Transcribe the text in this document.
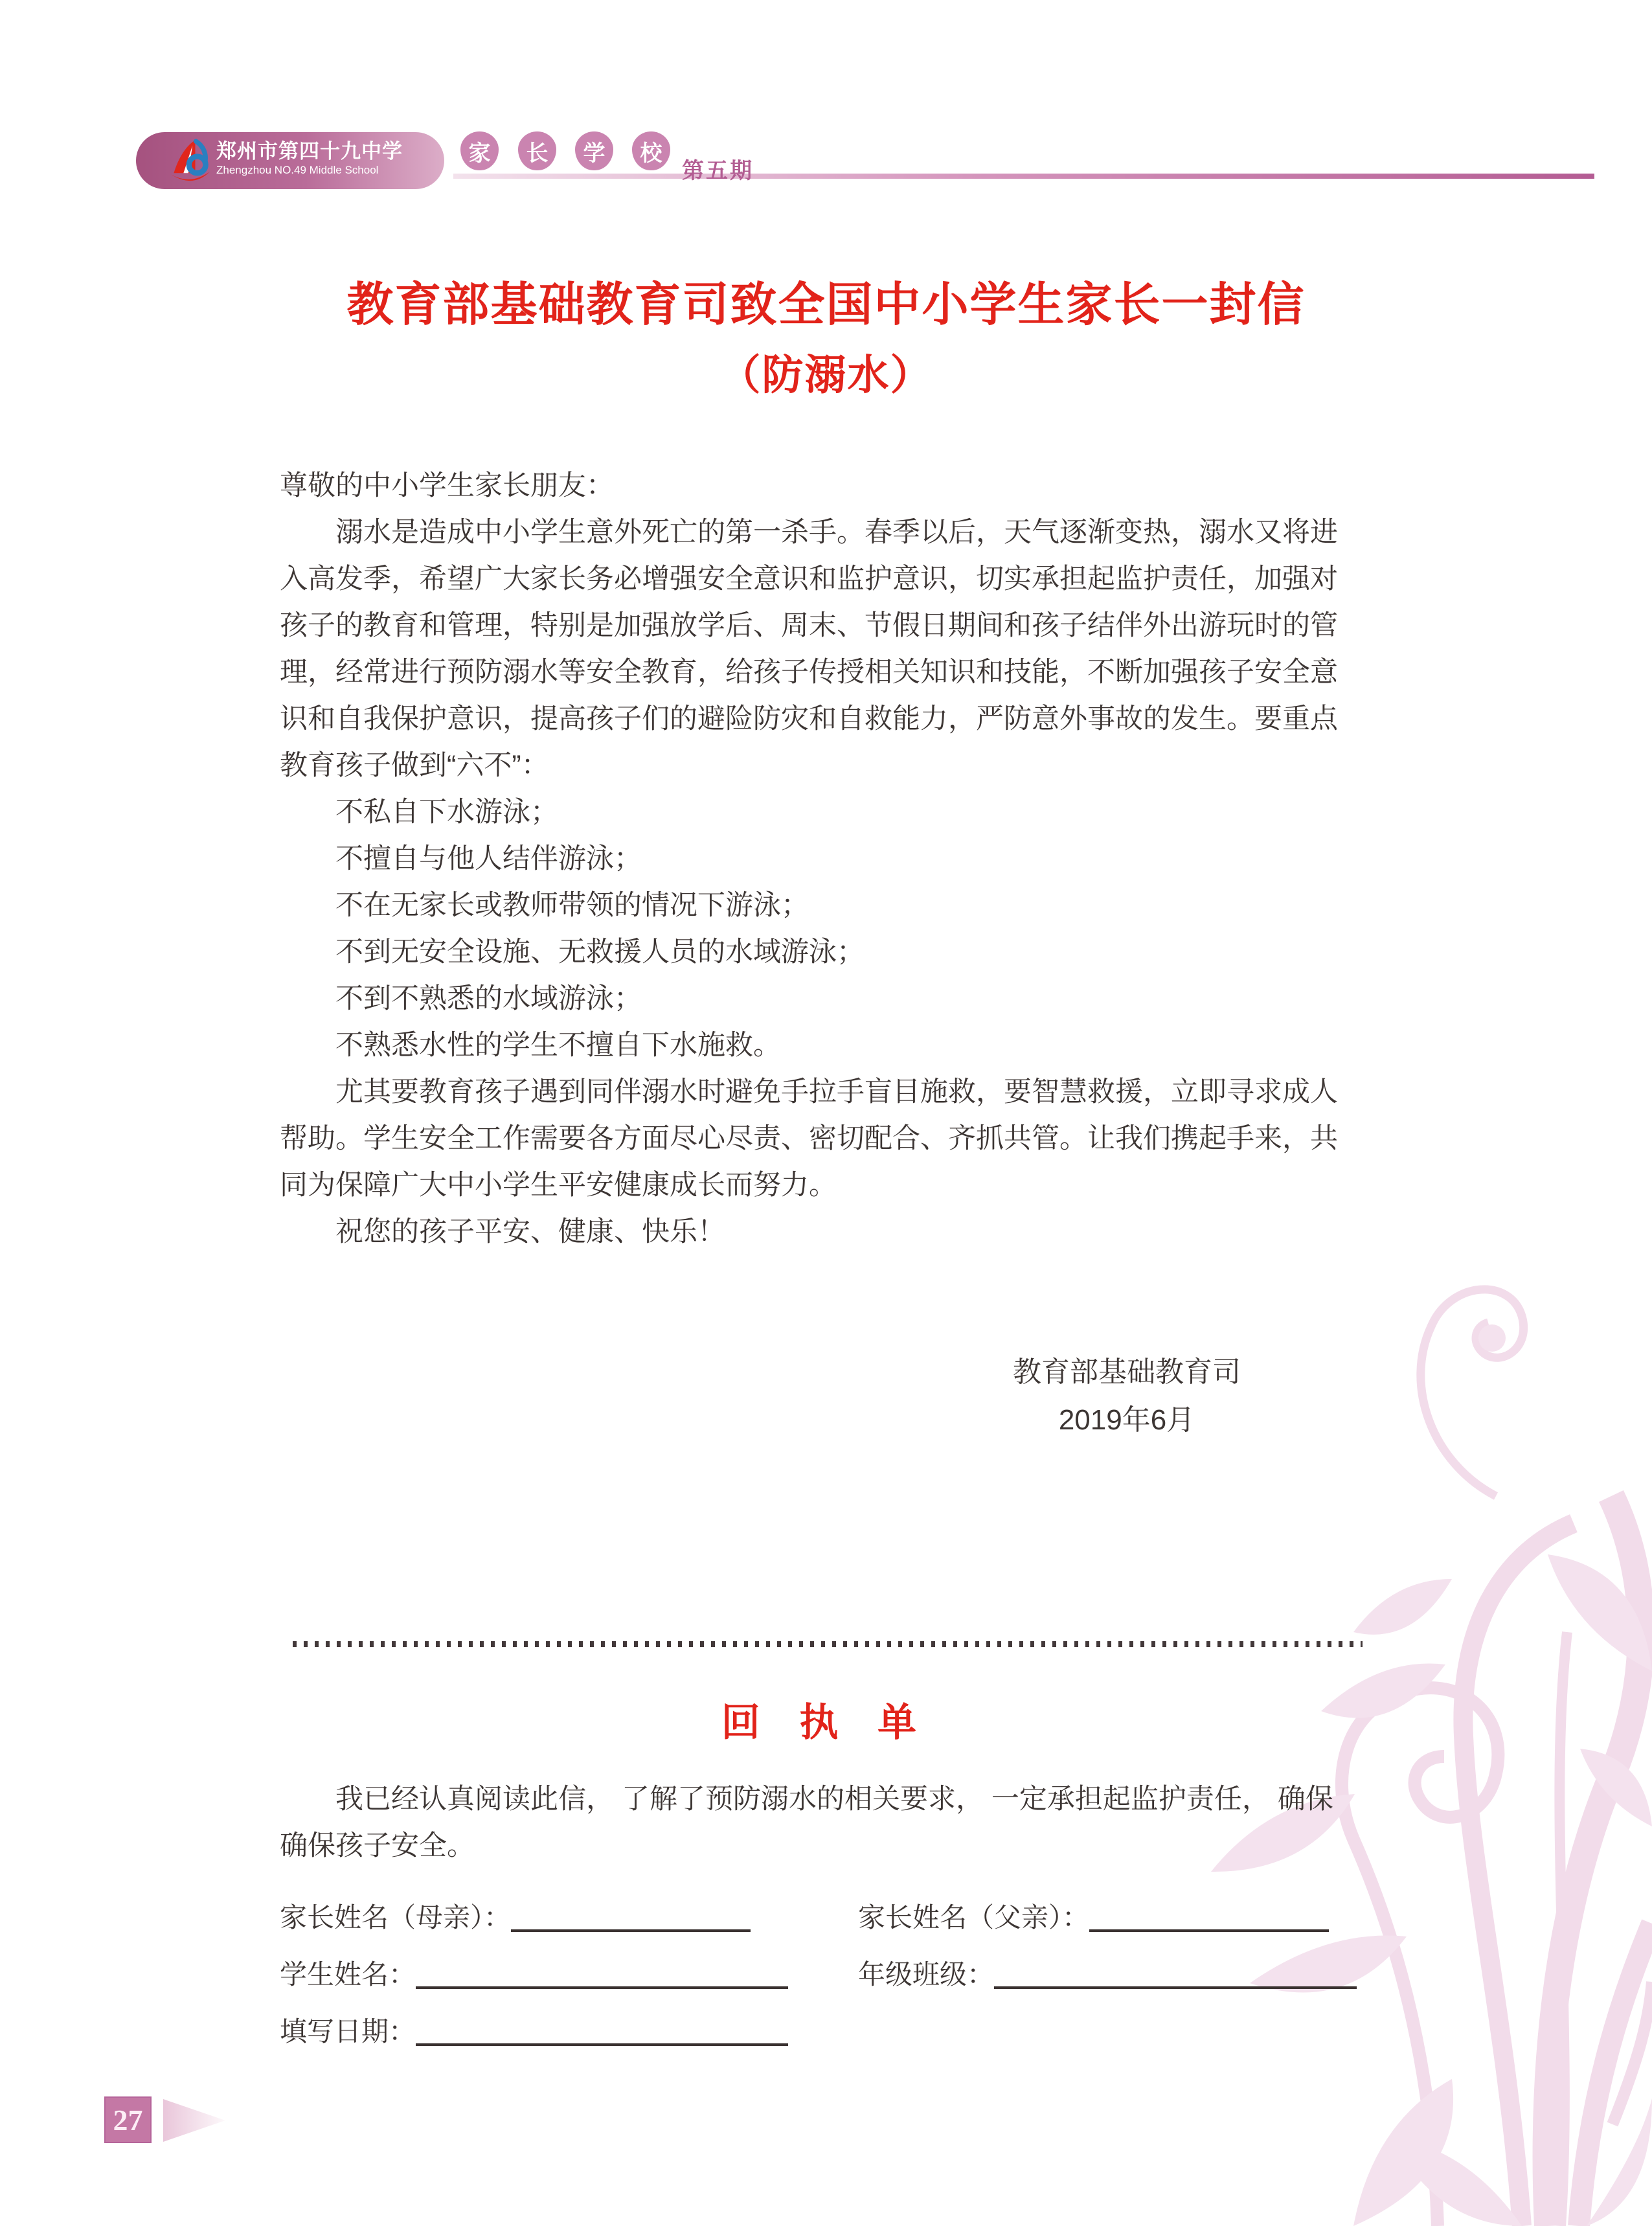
郑州市第四十九中学
Zhengzhou NO.49 Middle School
家	长	学	校
第五期
教育部基础教育司致全国中小学生家长一封信
（防溺水）
尊敬的中小学生家长朋友：
溺水是造成中小学生意外死亡的第一杀手。春季以后，天气逐渐变热，溺水又将进
入高发季，希望广大家长务必增强安全意识和监护意识，切实承担起监护责任，加强对
孩子的教育和管理，特别是加强放学后、周末、节假日期间和孩子结伴外出游玩时的管
理，经常进行预防溺水等安全教育，给孩子传授相关知识和技能，不断加强孩子安全意
识和自我保护意识，提高孩子们的避险防灾和自救能力，严防意外事故的发生。要重点
教育孩子做到“六不”：
不私自下水游泳；
不擅自与他人结伴游泳；
不在无家长或教师带领的情况下游泳；
不到无安全设施、无救援人员的水域游泳；
不到不熟悉的水域游泳；
不熟悉水性的学生不擅自下水施救。
尤其要教育孩子遇到同伴溺水时避免手拉手盲目施救，要智慧救援，立即寻求成人
帮助。学生安全工作需要各方面尽心尽责、密切配合、齐抓共管。让我们携起手来，共
同为保障广大中小学生平安健康成长而努力。
祝您的孩子平安、健康、快乐！
教育部基础教育司
2019年6月
回 执 单
我已经认真阅读此信， 了解了预防溺水的相关要求， 一定承担起监护责任， 确保
确保孩子安全。
家长姓名（母亲）：	家长姓名（父亲）：
学生姓名：	年级班级：
填写日期：
27
